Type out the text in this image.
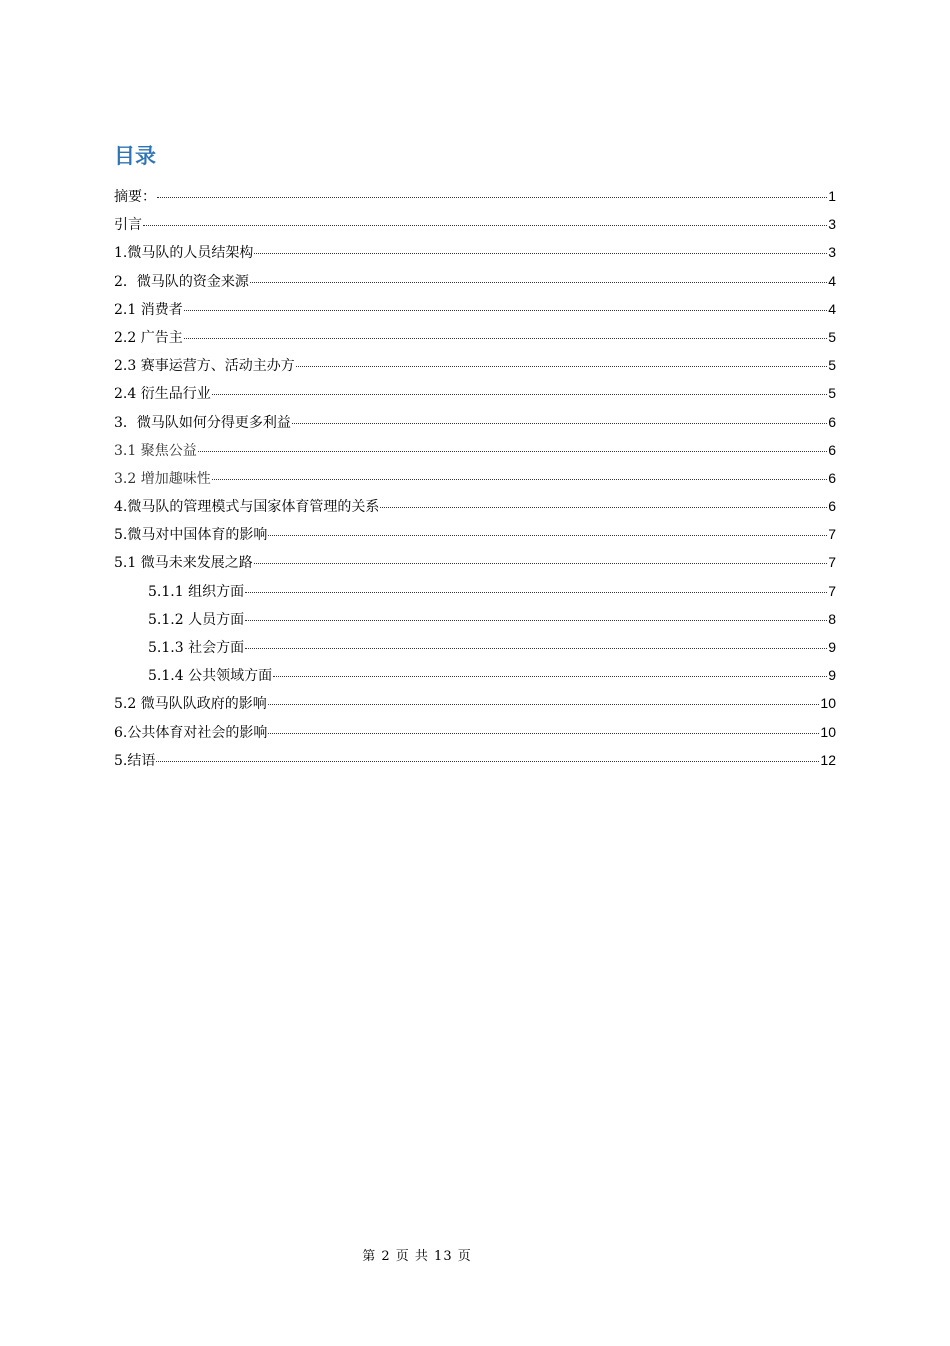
目录
摘要：	1
引言	3
1.微马队的人员结架构	3
2．微马队的资金来源	4
2.1 消费者	4
2.2 广告主	5
2.3 赛事运营方、活动主办方	5
2.4 衍生品行业	5
3．微马队如何分得更多利益	6
3.1 聚焦公益	6
3.2 增加趣味性	6
4.微马队的管理模式与国家体育管理的关系	6
5.微马对中国体育的影响	7
5.1 微马未来发展之路	7
5.1.1 组织方面	7
5.1.2 人员方面	8
5.1.3 社会方面	9
5.1.4 公共领域方面	9
5.2 微马队队政府的影响	10
6.公共体育对社会的影响	10
5.结语	12
第 2 页 共 13 页
